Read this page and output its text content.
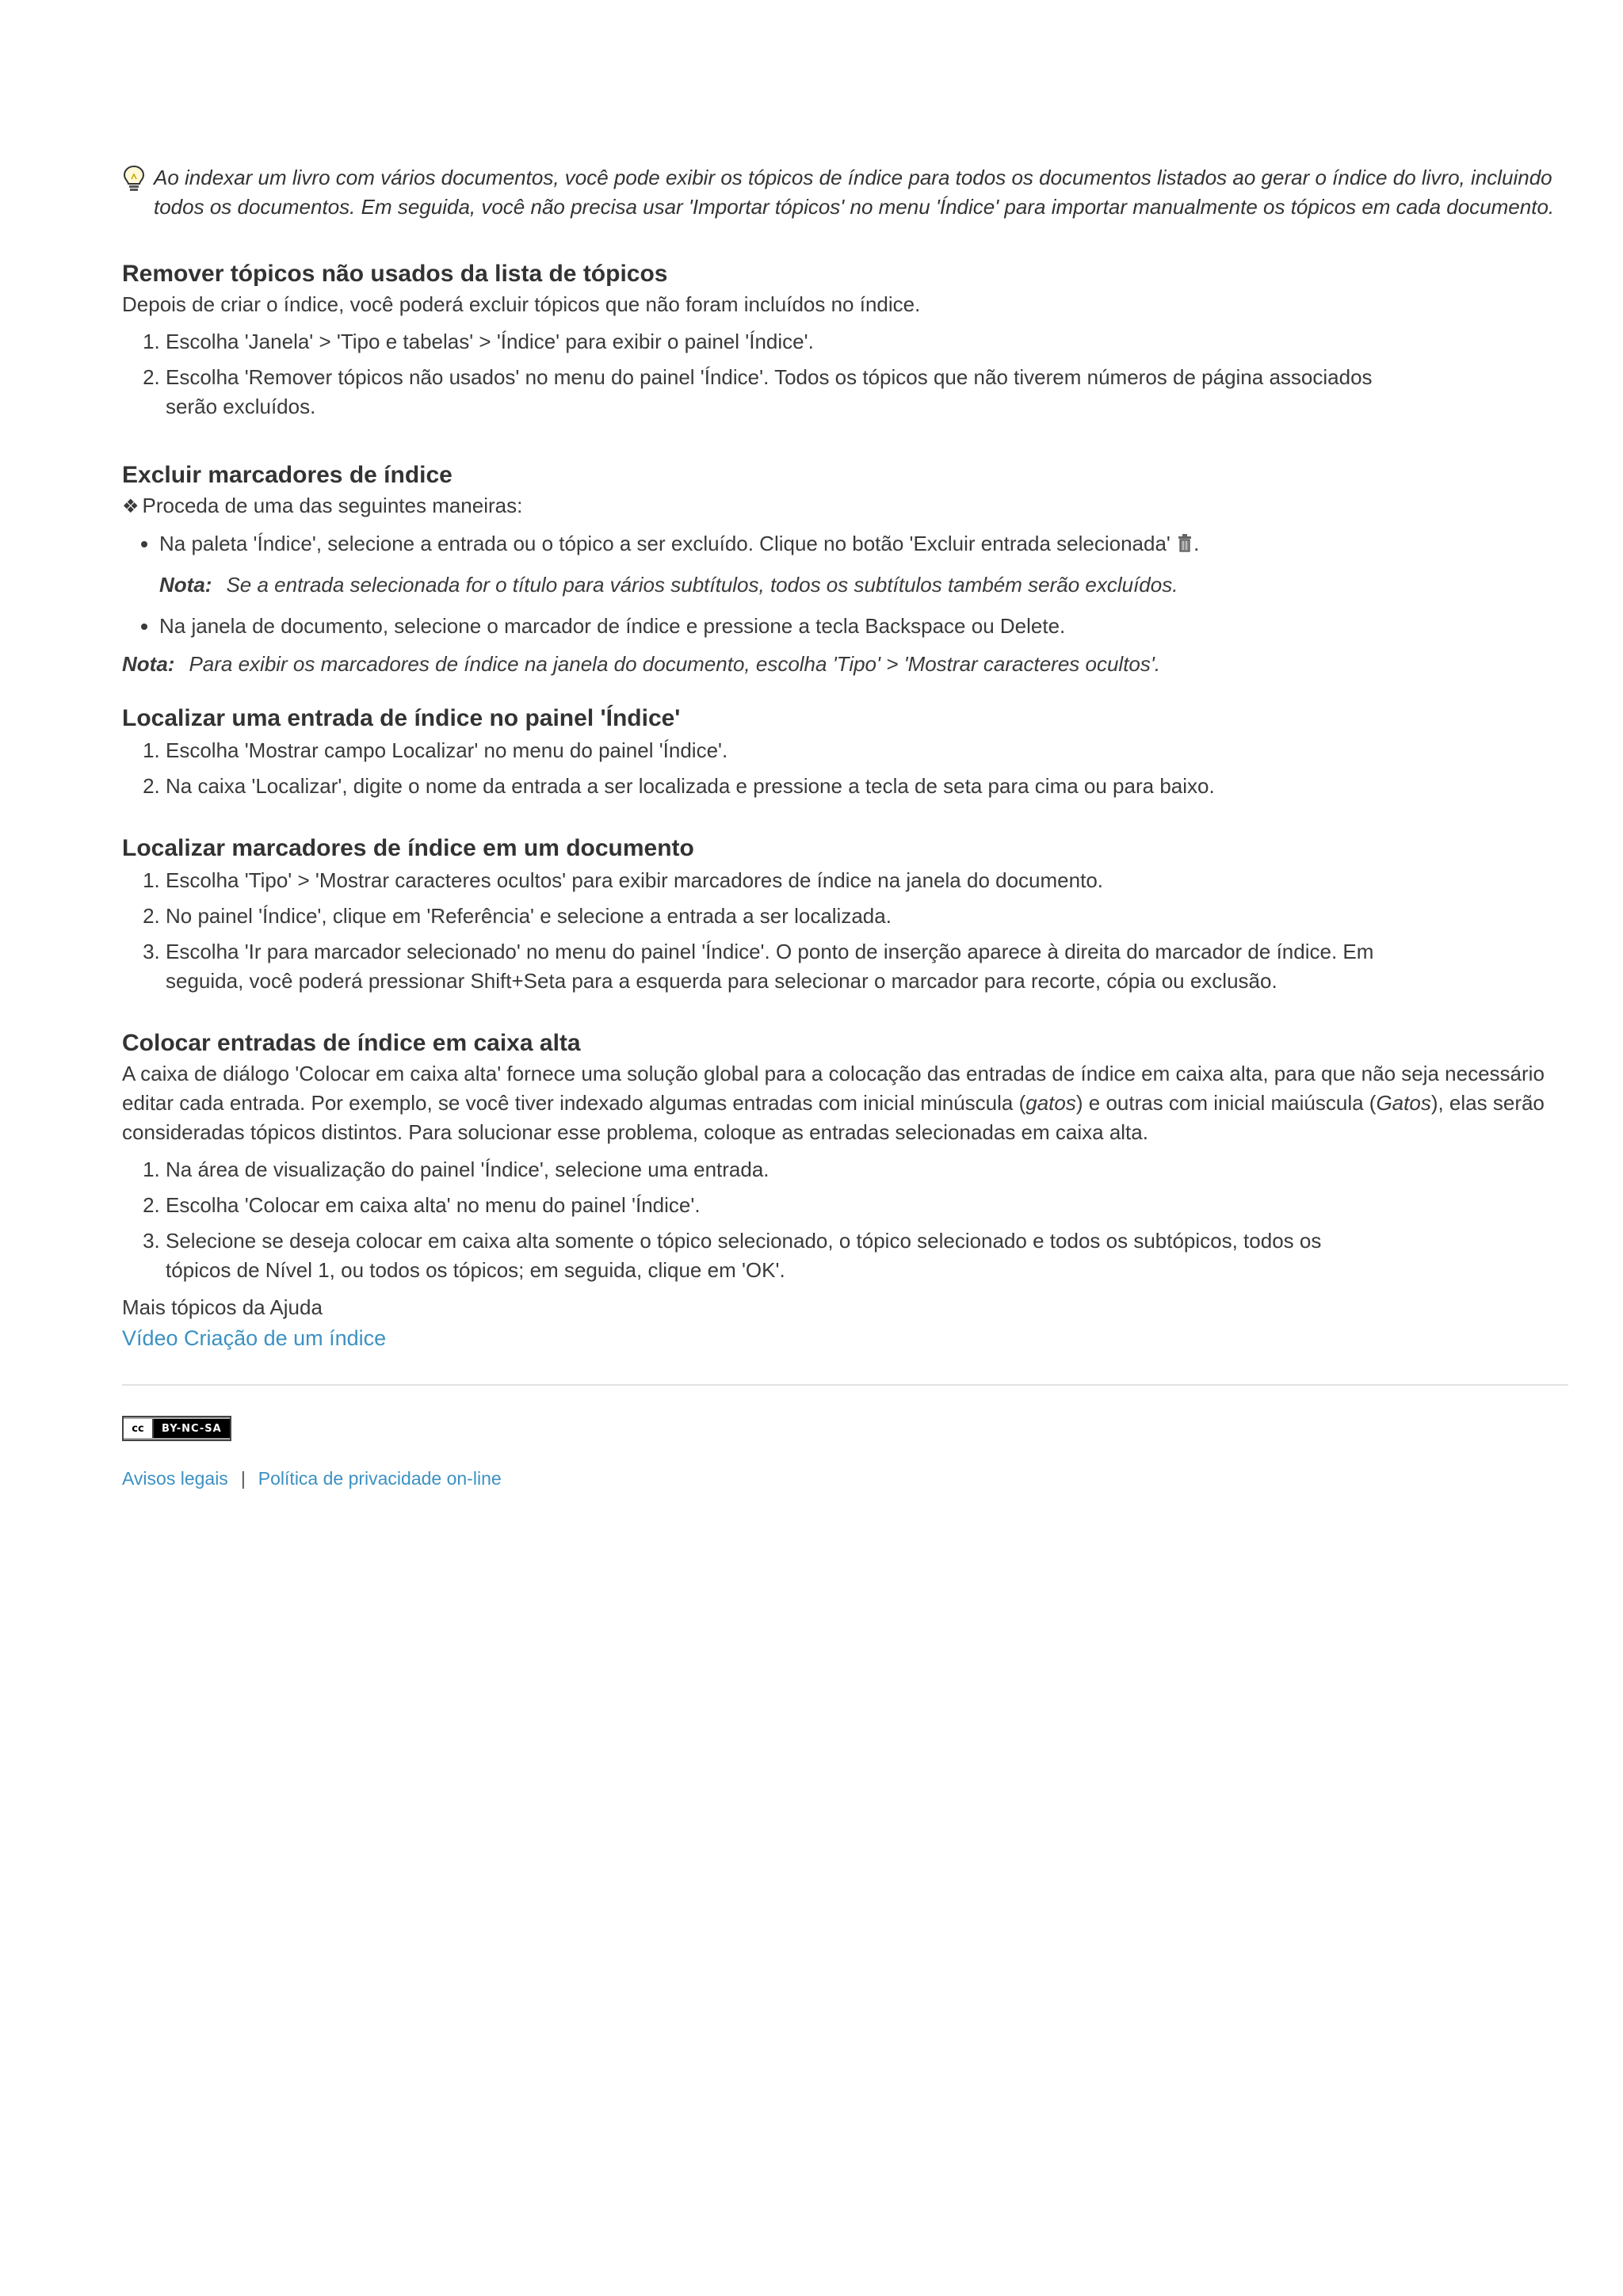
Ao indexar um livro com vários documentos, você pode exibir os tópicos de índice para todos os documentos listados ao gerar o índice do livro, incluindo todos os documentos. Em seguida, você não precisa usar 'Importar tópicos' no menu 'Índice' para importar manualmente os tópicos em cada documento.
Remover tópicos não usados da lista de tópicos

Depois de criar o índice, você poderá excluir tópicos que não foram incluídos no índice.

1. Escolha 'Janela' > 'Tipo e tabelas' > 'Índice' para exibir o painel 'Índice'.
2. Escolha 'Remover tópicos não usados' no menu do painel 'Índice'. Todos os tópicos que não tiverem números de página associados serão excluídos.
Excluir marcadores de índice

❖ Proceda de uma das seguintes maneiras:

• Na paleta 'Índice', selecione a entrada ou o tópico a ser excluído. Clique no botão 'Excluir entrada selecionada' .
Nota: Se a entrada selecionada for o título para vários subtítulos, todos os subtítulos também serão excluídos.
• Na janela de documento, selecione o marcador de índice e pressione a tecla Backspace ou Delete.
Nota: Para exibir os marcadores de índice na janela do documento, escolha 'Tipo' > 'Mostrar caracteres ocultos'.
Localizar uma entrada de índice no painel 'Índice'
1. Escolha 'Mostrar campo Localizar' no menu do painel 'Índice'.
2. Na caixa 'Localizar', digite o nome da entrada a ser localizada e pressione a tecla de seta para cima ou para baixo.
Localizar marcadores de índice em um documento
1. Escolha 'Tipo' > 'Mostrar caracteres ocultos' para exibir marcadores de índice na janela do documento.
2. No painel 'Índice', clique em 'Referência' e selecione a entrada a ser localizada.
3. Escolha 'Ir para marcador selecionado' no menu do painel 'Índice'. O ponto de inserção aparece à direita do marcador de índice. Em seguida, você poderá pressionar Shift+Seta para a esquerda para selecionar o marcador para recorte, cópia ou exclusão.
Colocar entradas de índice em caixa alta

A caixa de diálogo 'Colocar em caixa alta' fornece uma solução global para a colocação das entradas de índice em caixa alta, para que não seja necessário editar cada entrada. Por exemplo, se você tiver indexado algumas entradas com inicial minúscula (gatos) e outras com inicial maiúscula (Gatos), elas serão consideradas tópicos distintos. Para solucionar esse problema, coloque as entradas selecionadas em caixa alta.

1. Na área de visualização do painel 'Índice', selecione uma entrada.
2. Escolha 'Colocar em caixa alta' no menu do painel 'Índice'.
3. Selecione se deseja colocar em caixa alta somente o tópico selecionado, o tópico selecionado e todos os subtópicos, todos os tópicos de Nível 1, ou todos os tópicos; em seguida, clique em 'OK'.

Mais tópicos da Ajuda

Vídeo Criação de um índice
cc	BY-NC-SA
Avisos legais | Política de privacidade on-line
